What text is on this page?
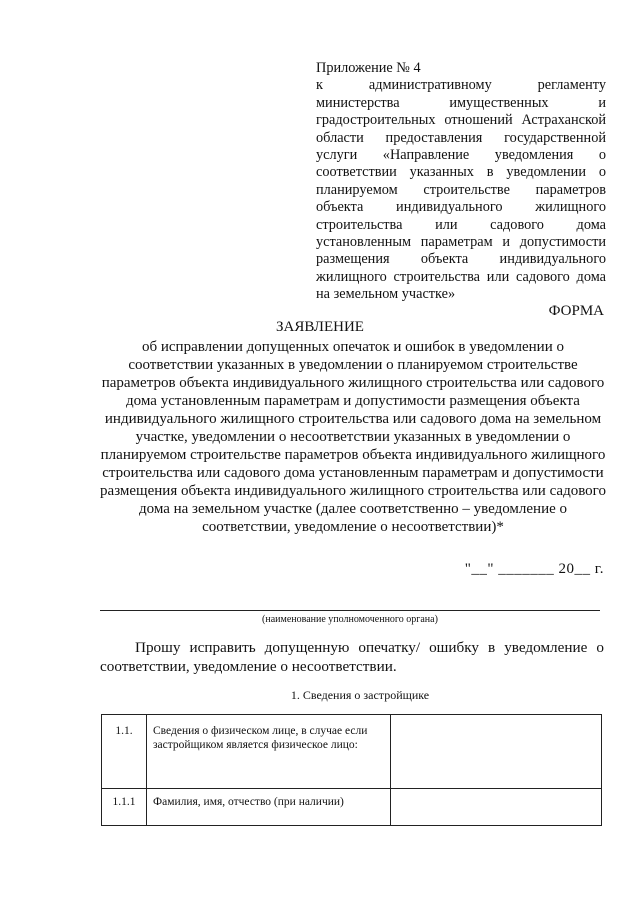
Приложение № 4
к административному регламенту министерства имущественных и градостроительных отношений Астраханской области предоставления государственной услуги «Направление уведомления о соответствии указанных в уведомлении о планируемом строительстве параметров объекта индивидуального жилищного строительства или садового дома установленным параметрам и допустимости размещения объекта индивидуального жилищного строительства или садового дома на земельном участке»
ФОРМА
ЗАЯВЛЕНИЕ
об исправлении допущенных опечаток и ошибок в уведомлении о соответствии указанных в уведомлении о планируемом строительстве параметров объекта индивидуального жилищного строительства или садового дома установленным параметрам и допустимости размещения объекта индивидуального жилищного строительства или садового дома на земельном участке, уведомлении о несоответствии указанных в уведомлении о планируемом строительстве параметров объекта индивидуального жилищного строительства или садового дома установленным параметрам и допустимости размещения объекта индивидуального жилищного строительства или садового дома на земельном участке (далее соответственно – уведомление о соответствии, уведомление о несоответствии)*
"__" _______ 20__ г.
(наименование уполномоченного органа)
Прошу исправить допущенную опечатку/ ошибку в уведомление о соответствии, уведомление о несоответствии.
1. Сведения о застройщике
1.1.	Сведения о физическом лице, в случае если застройщиком является физическое лицо:	
1.1.1	Фамилия, имя, отчество (при наличии)	
